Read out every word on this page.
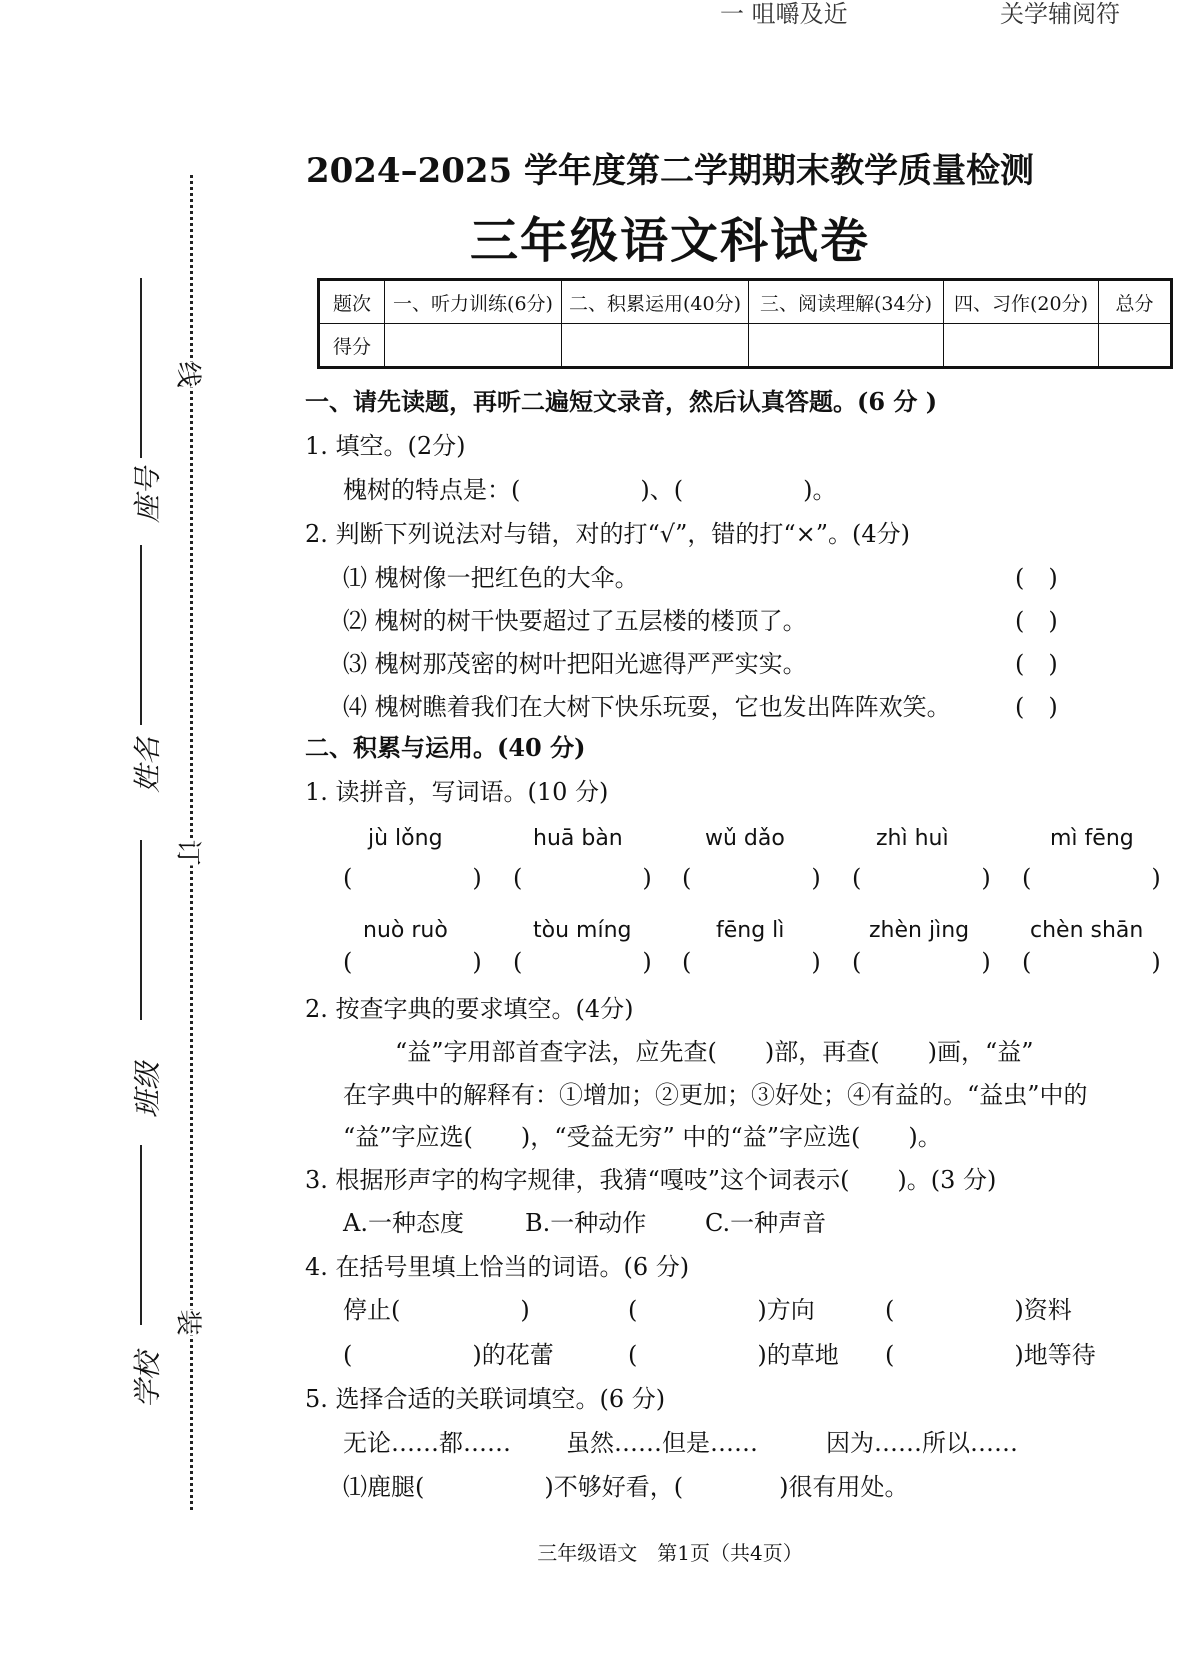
一 咀嚼及近	关学辅阅符
线
订
装
座号
姓名
班级
学校
2024–2025 学年度第二学期期末教学质量检测
三年级语文科试卷
题次	一、听力训练(6分)	二、积累运用(40分)	三、阅读理解(34分)	四、习作(20分)	总分
得分					
一、请先读题，再听二遍短文录音，然后认真答题。(6 分 )
1. 填空。(2分)
槐树的特点是：(　　　　　)、(　　　　　)。
2. 判断下列说法对与错，对的打“√”，错的打“×”。(4分)
⑴ 槐树像一把红色的大伞。	(　)
⑵ 槐树的树干快要超过了五层楼的楼顶了。	(　)
⑶ 槐树那茂密的树叶把阳光遮得严严实实。	(　)
⑷ 槐树瞧着我们在大树下快乐玩耍，它也发出阵阵欢笑。	(　)
二、积累与运用。(40 分)
1. 读拼音，写词语。(10 分)
jù lǒng	huā bàn	wǔ dǎo	zhì huì	mì fēng
(　　　　　) (　　　　　) (　　　　　) (　　　　　) (　　　　　)
nuò ruò	tòu míng	fēng lì	zhèn jìng	chèn shān
(　　　　　) (　　　　　) (　　　　　) (　　　　　) (　　　　　)
2. 按查字典的要求填空。(4分)
“益”字用部首查字法，应先查(　　)部，再查(　　)画，“益”
在字典中的解释有：①增加；②更加；③好处；④有益的。“益虫”中的
“益”字应选(　　)，“受益无穷” 中的“益”字应选(　　)。
3. 根据形声字的构字规律，我猜“嘎吱”这个词表示(　　)。(3 分)
A.一种态度	B.一种动作 C.一种声音
4. 在括号里填上恰当的词语。(6 分)
停止(　　　　　)	(　　　　　)方向	(　　　　　)资料
(　　　　　)的花蕾	(　　　　　)的草地 (　　　　　)地等待
5. 选择合适的关联词填空。(6 分)
无论……都…… 虽然……但是……	因为……所以……
⑴鹿腿(　　　　　)不够好看，(　　　　)很有用处。
三年级语文　第1页（共4页）
